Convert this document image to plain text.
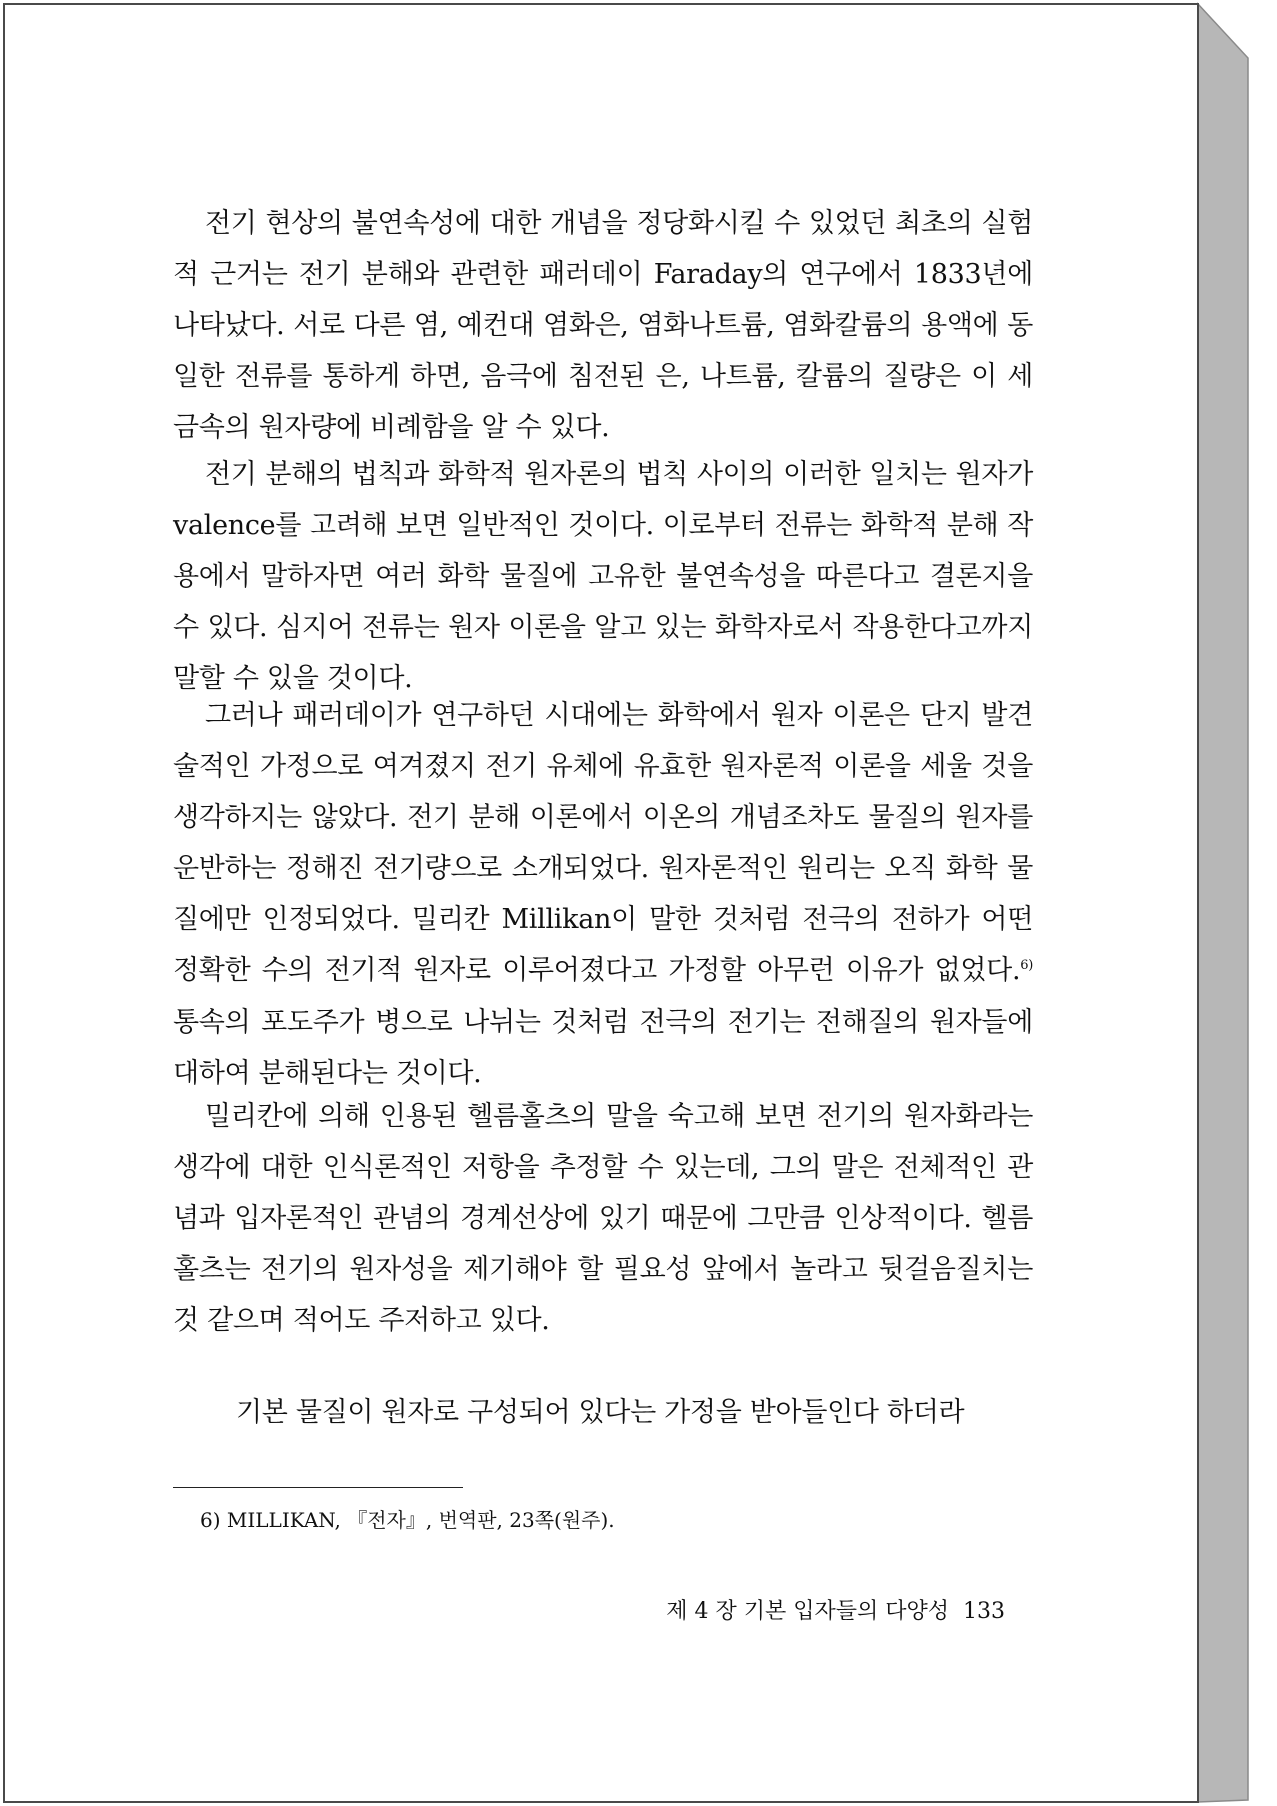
전기 현상의 불연속성에 대한 개념을 정당화시킬 수 있었던 최초의 실험적 근거는 전기 분해와 관련한 패러데이 Faraday의 연구에서 1833년에 나타났다. 서로 다른 염, 예컨대 염화은, 염화나트륨, 염화칼륨의 용액에 동일한 전류를 통하게 하면, 음극에 침전된 은, 나트륨, 칼륨의 질량은 이 세 금속의 원자량에 비례함을 알 수 있다.

전기 분해의 법칙과 화학적 원자론의 법칙 사이의 이러한 일치는 원자가 valence를 고려해 보면 일반적인 것이다. 이로부터 전류는 화학적 분해 작용에서 말하자면 여러 화학 물질에 고유한 불연속성을 따른다고 결론지을 수 있다. 심지어 전류는 원자 이론을 알고 있는 화학자로서 작용한다고까지 말할 수 있을 것이다.

그러나 패러데이가 연구하던 시대에는 화학에서 원자 이론은 단지 발견술적인 가정으로 여겨졌지 전기 유체에 유효한 원자론적 이론을 세울 것을 생각하지는 않았다. 전기 분해 이론에서 이온의 개념조차도 물질의 원자를 운반하는 정해진 전기량으로 소개되었다. 원자론적인 원리는 오직 화학 물질에만 인정되었다. 밀리칸 Millikan이 말한 것처럼 전극의 전하가 어떤 정확한 수의 전기적 원자로 이루어졌다고 가정할 아무런 이유가 없었다.$^{6)}$ 통속의 포도주가 병으로 나뉘는 것처럼 전극의 전기는 전해질의 원자들에 대하여 분해된다는 것이다.

밀리칸에 의해 인용된 헬름홀츠의 말을 숙고해 보면 전기의 원자화라는 생각에 대한 인식론적인 저항을 추정할 수 있는데, 그의 말은 전체적인 관념과 입자론적인 관념의 경계선상에 있기 때문에 그만큼 인상적이다. 헬름홀츠는 전기의 원자성을 제기해야 할 필요성 앞에서 놀라고 뒷걸음질치는 것 같으며 적어도 주저하고 있다.

기본 물질이 원자로 구성되어 있다는 가정을 받아들인다 하더라

6) MILLIKAN, 『전자』, 번역판, 23쪽(원주).

제 4 장 기본 입자들의 다양성 133
